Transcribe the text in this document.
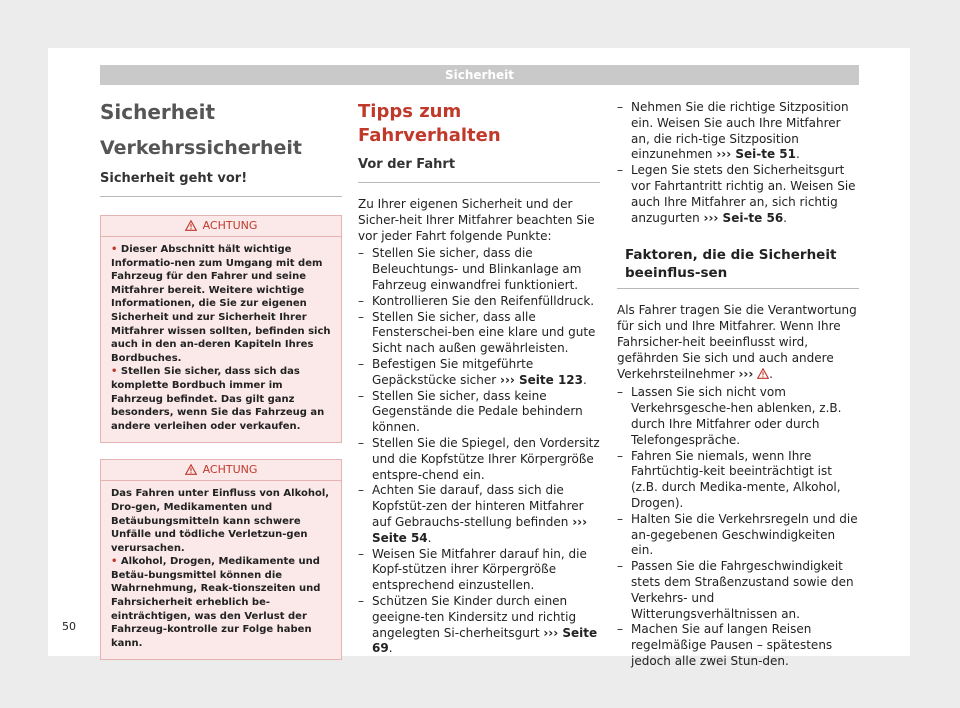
Sicherheit
Sicherheit
Verkehrssicherheit
Sicherheit geht vor!
ACHTUNG

• Dieser Abschnitt hält wichtige Informatio-nen zum Umgang mit dem Fahrzeug für den Fahrer und seine Mitfahrer bereit. Weitere wichtige Informationen, die Sie zur eigenen Sicherheit und zur Sicherheit Ihrer Mitfahrer wissen sollten, befinden sich auch in den an-deren Kapiteln Ihres Bordbuches.

• Stellen Sie sicher, dass sich das komplette Bordbuch immer im Fahrzeug befindet. Das gilt ganz besonders, wenn Sie das Fahrzeug an andere verleihen oder verkaufen.

ACHTUNG

Das Fahren unter Einfluss von Alkohol, Dro-gen, Medikamenten und Betäubungsmitteln kann schwere Unfälle und tödliche Verletzun-gen verursachen.

• Alkohol, Drogen, Medikamente und Betäu-bungsmittel können die Wahrnehmung, Reak-tionszeiten und Fahrsicherheit erheblich be-einträchtigen, was den Verlust der Fahrzeug-kontrolle zur Folge haben kann.

Tipps zum Fahrverhalten
Vor der Fahrt

Zu Ihrer eigenen Sicherheit und der Sicher-heit Ihrer Mitfahrer beachten Sie vor jeder Fahrt folgende Punkte:

– Stellen Sie sicher, dass die Beleuchtungs- und Blinkanlage am Fahrzeug einwandfrei funktioniert.

– Kontrollieren Sie den Reifenfülldruck.

– Stellen Sie sicher, dass alle Fensterschei-ben eine klare und gute Sicht nach außen gewährleisten.

– Befestigen Sie mitgeführte Gepäckstücke sicher ››› Seite 123.

– Stellen Sie sicher, dass keine Gegenstände die Pedale behindern können.

– Stellen Sie die Spiegel, den Vordersitz und die Kopfstütze Ihrer Körpergröße entspre-chend ein.

– Achten Sie darauf, dass sich die Kopfstüt-zen der hinteren Mitfahrer auf Gebrauchs-stellung befinden ››› Seite 54.

– Weisen Sie Mitfahrer darauf hin, die Kopf-stützen ihrer Körpergröße entsprechend einzustellen.

– Schützen Sie Kinder durch einen geeigne-ten Kindersitz und richtig angelegten Si-cherheitsgurt ››› Seite 69.

– Nehmen Sie die richtige Sitzposition ein. Weisen Sie auch Ihre Mitfahrer an, die rich-tige Sitzposition einzunehmen ››› Sei-te 51.

– Legen Sie stets den Sicherheitsgurt vor Fahrtantritt richtig an. Weisen Sie auch Ihre Mitfahrer an, sich richtig anzugurten ››› Sei-te 56.

Faktoren, die die Sicherheit beeinflus-sen

Als Fahrer tragen Sie die Verantwortung für sich und Ihre Mitfahrer. Wenn Ihre Fahrsicher-heit beeinflusst wird, gefährden Sie sich und auch andere Verkehrsteilnehmer ››› .

– Lassen Sie sich nicht vom Verkehrsgesche-hen ablenken, z.B. durch Ihre Mitfahrer oder durch Telefongespräche.

– Fahren Sie niemals, wenn Ihre Fahrtüchtig-keit beeinträchtigt ist (z.B. durch Medika-mente, Alkohol, Drogen).

– Halten Sie die Verkehrsregeln und die an-gegebenen Geschwindigkeiten ein.

– Passen Sie die Fahrgeschwindigkeit stets dem Straßenzustand sowie den Verkehrs- und Witterungsverhältnissen an.

– Machen Sie auf langen Reisen regelmäßige Pausen – spätestens jedoch alle zwei Stun-den.

50
